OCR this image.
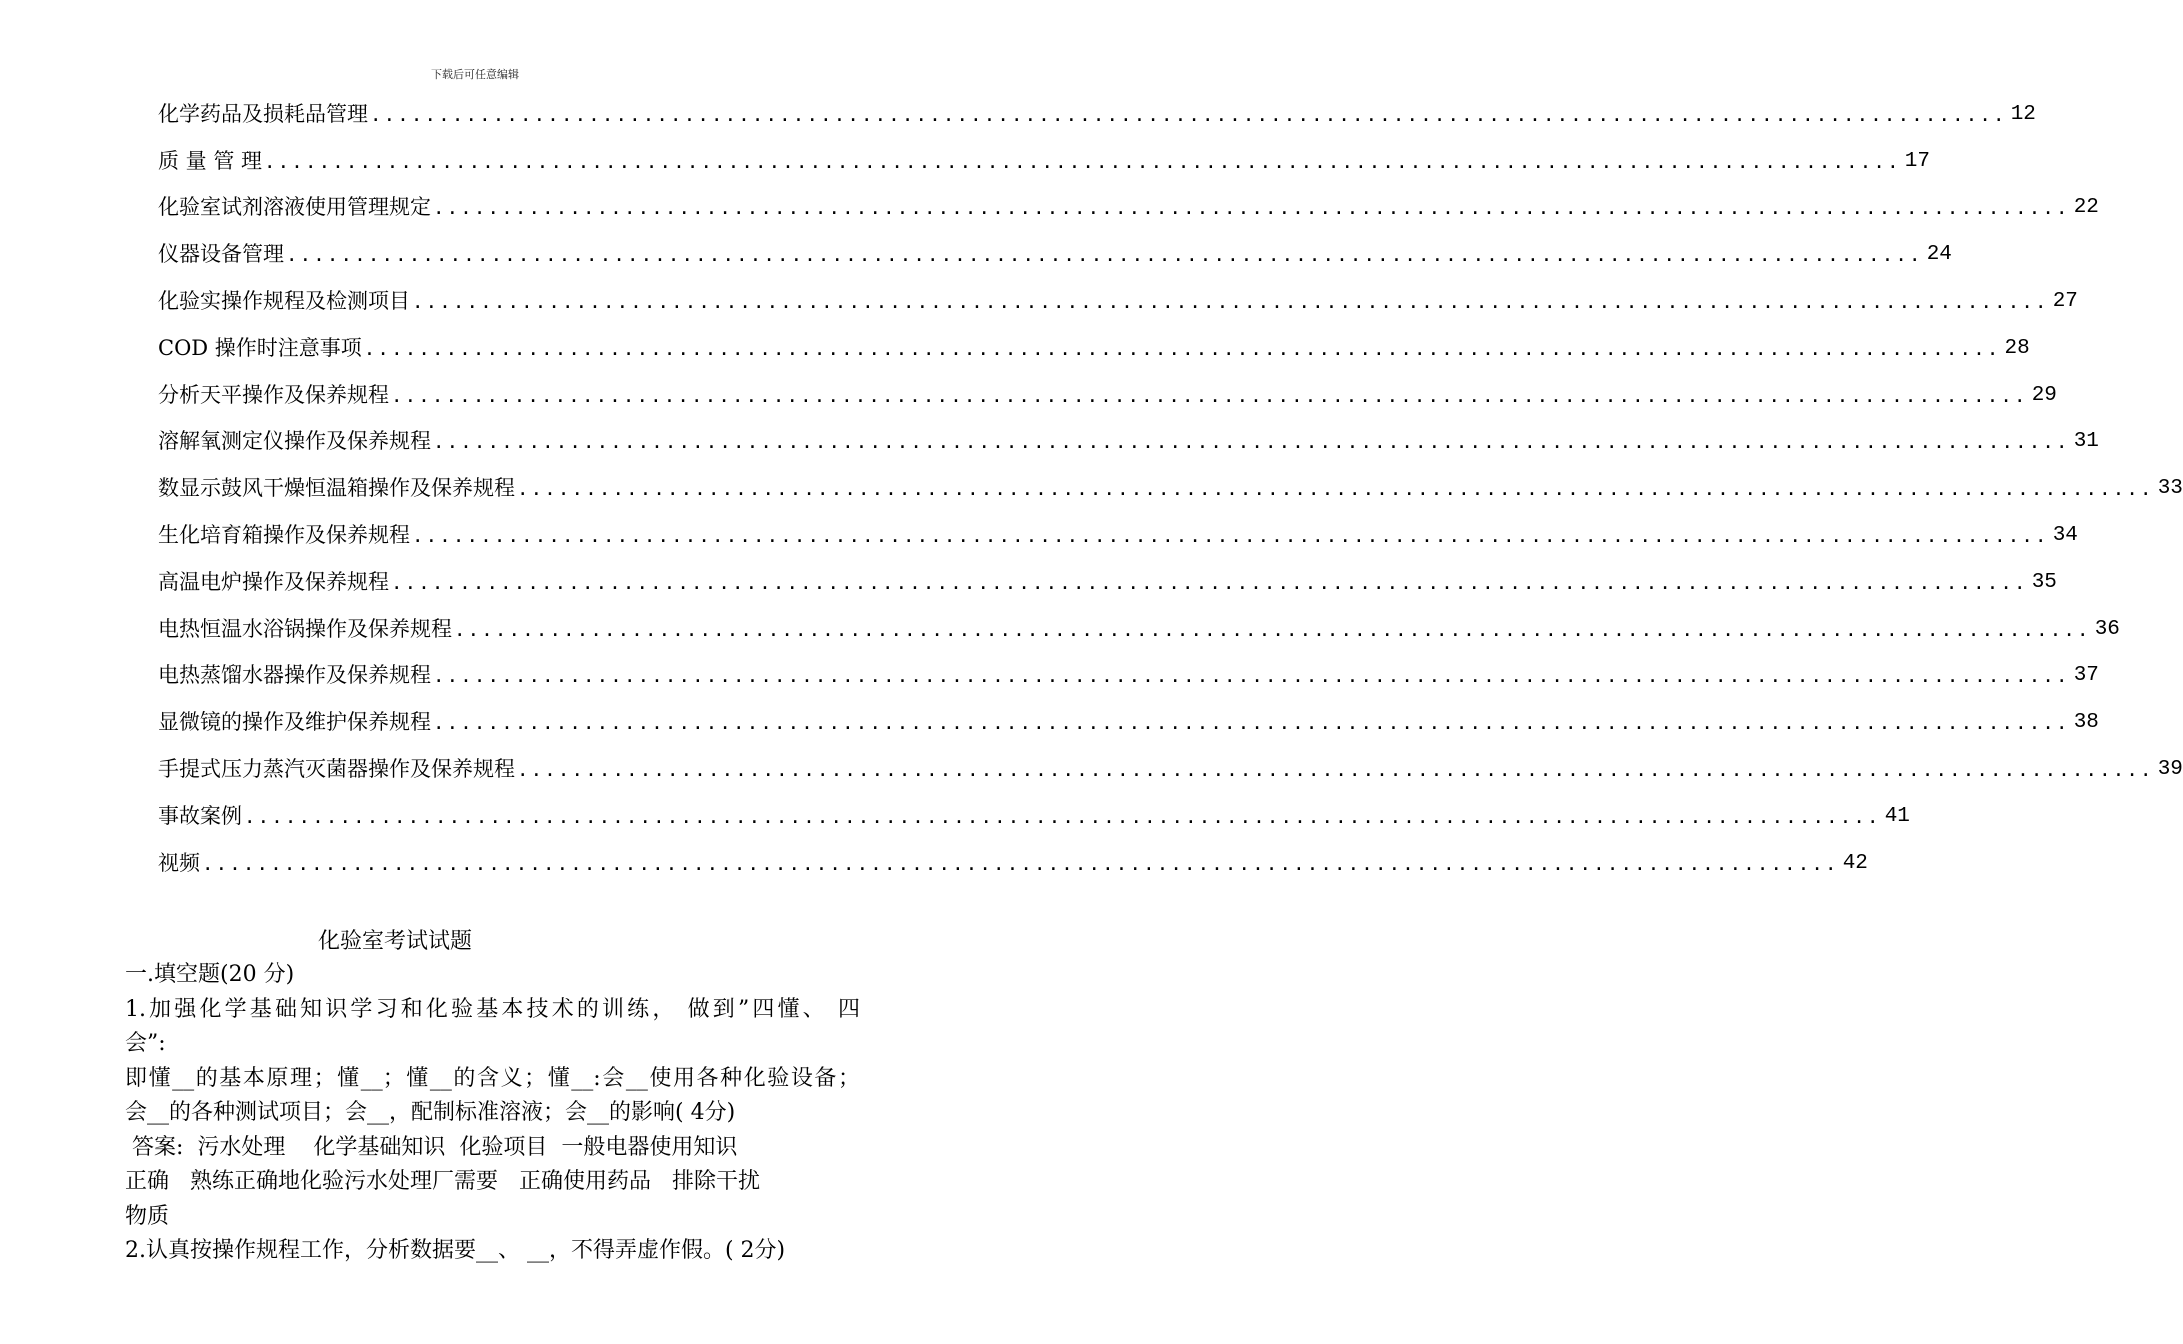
下载后可任意编辑
化学药品及损耗品管理 ........................................................................................................................ 12
质 量 管 理 ........................................................................................................................ 17
化验室试剂溶液使用管理规定 ........................................................................................................................ 22
仪器设备管理 ........................................................................................................................ 24
化验实操作规程及检测项目 ........................................................................................................................ 27
COD 操作时注意事项 ........................................................................................................................ 28
分析天平操作及保养规程 ........................................................................................................................ 29
溶解氧测定仪操作及保养规程 ........................................................................................................................ 31
数显示鼓风干燥恒温箱操作及保养规程 ........................................................................................................................ 33
生化培育箱操作及保养规程 ........................................................................................................................ 34
高温电炉操作及保养规程 ........................................................................................................................ 35
电热恒温水浴锅操作及保养规程 ........................................................................................................................ 36
电热蒸馏水器操作及保养规程 ........................................................................................................................ 37
显微镜的操作及维护保养规程 ........................................................................................................................ 38
手提式压力蒸汽灭菌器操作及保养规程 ........................................................................................................................ 39
事故案例 ........................................................................................................................ 41
视频 ........................................................................................................................ 42
化验室考试试题

一.填空题(20 分)

1.加强化学基础知识学习和化验基本技术的训练， 做到”四懂、 四

会”:

即懂__的基本原理；懂__；懂__的含义；懂__:会__使用各种化验设备；

会__的各种测试项目；会__，配制标准溶液；会__的影响( 4分)

答案:  污水处理    化学基础知识  化验项目  一般电器使用知识

正确   熟练正确地化验污水处理厂需要   正确使用药品   排除干扰

物质

2.认真按操作规程工作，分析数据要__、 __，不得弄虚作假。( 2分)
